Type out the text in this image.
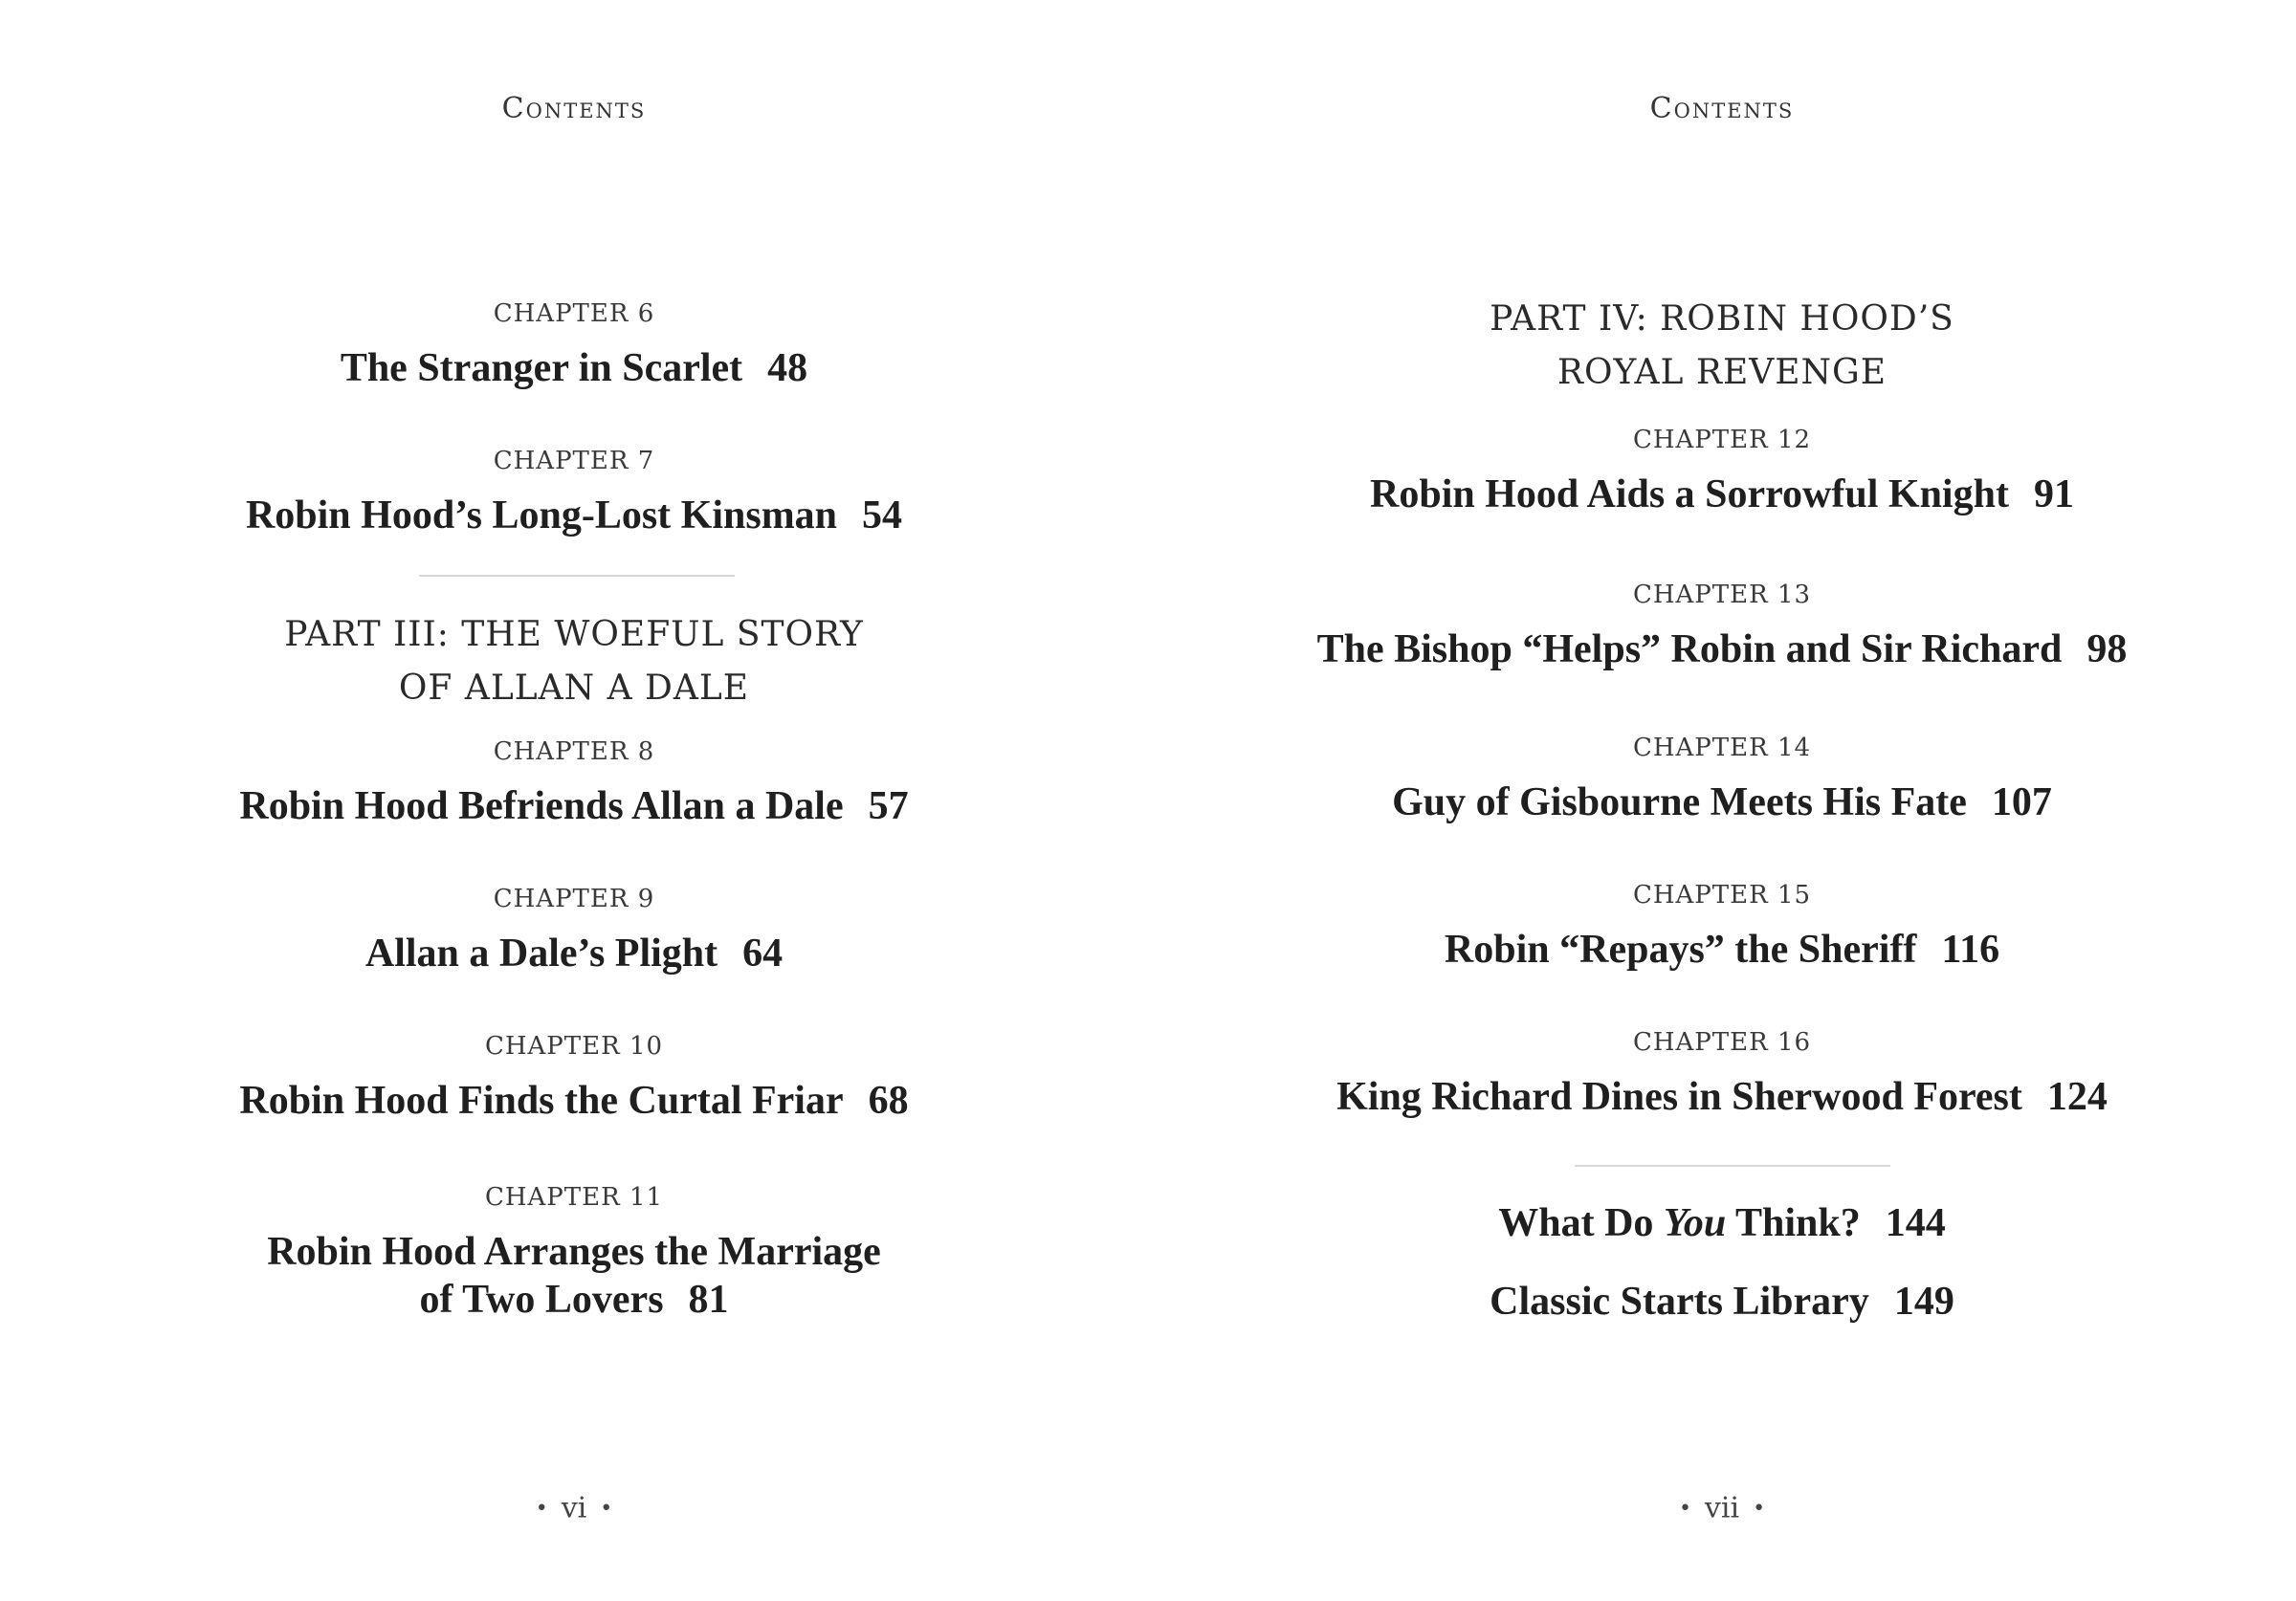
Contents
CHAPTER 6
The Stranger in Scarlet 48
CHAPTER 7
Robin Hood’s Long-Lost Kinsman 54
PART III: THE WOEFUL STORY
OF ALLAN A DALE
CHAPTER 8
Robin Hood Befriends Allan a Dale 57
CHAPTER 9
Allan a Dale’s Plight 64
CHAPTER 10
Robin Hood Finds the Curtal Friar 68
CHAPTER 11
Robin Hood Arranges the Marriage
of Two Lovers 81
• vi •
Contents
PART IV: ROBIN HOOD’S
ROYAL REVENGE
CHAPTER 12
Robin Hood Aids a Sorrowful Knight 91
CHAPTER 13
The Bishop “Helps” Robin and Sir Richard 98
CHAPTER 14
Guy of Gisbourne Meets His Fate 107
CHAPTER 15
Robin “Repays” the Sheriff 116
CHAPTER 16
King Richard Dines in Sherwood Forest 124
What Do You Think? 144
Classic Starts Library 149
• vii •
